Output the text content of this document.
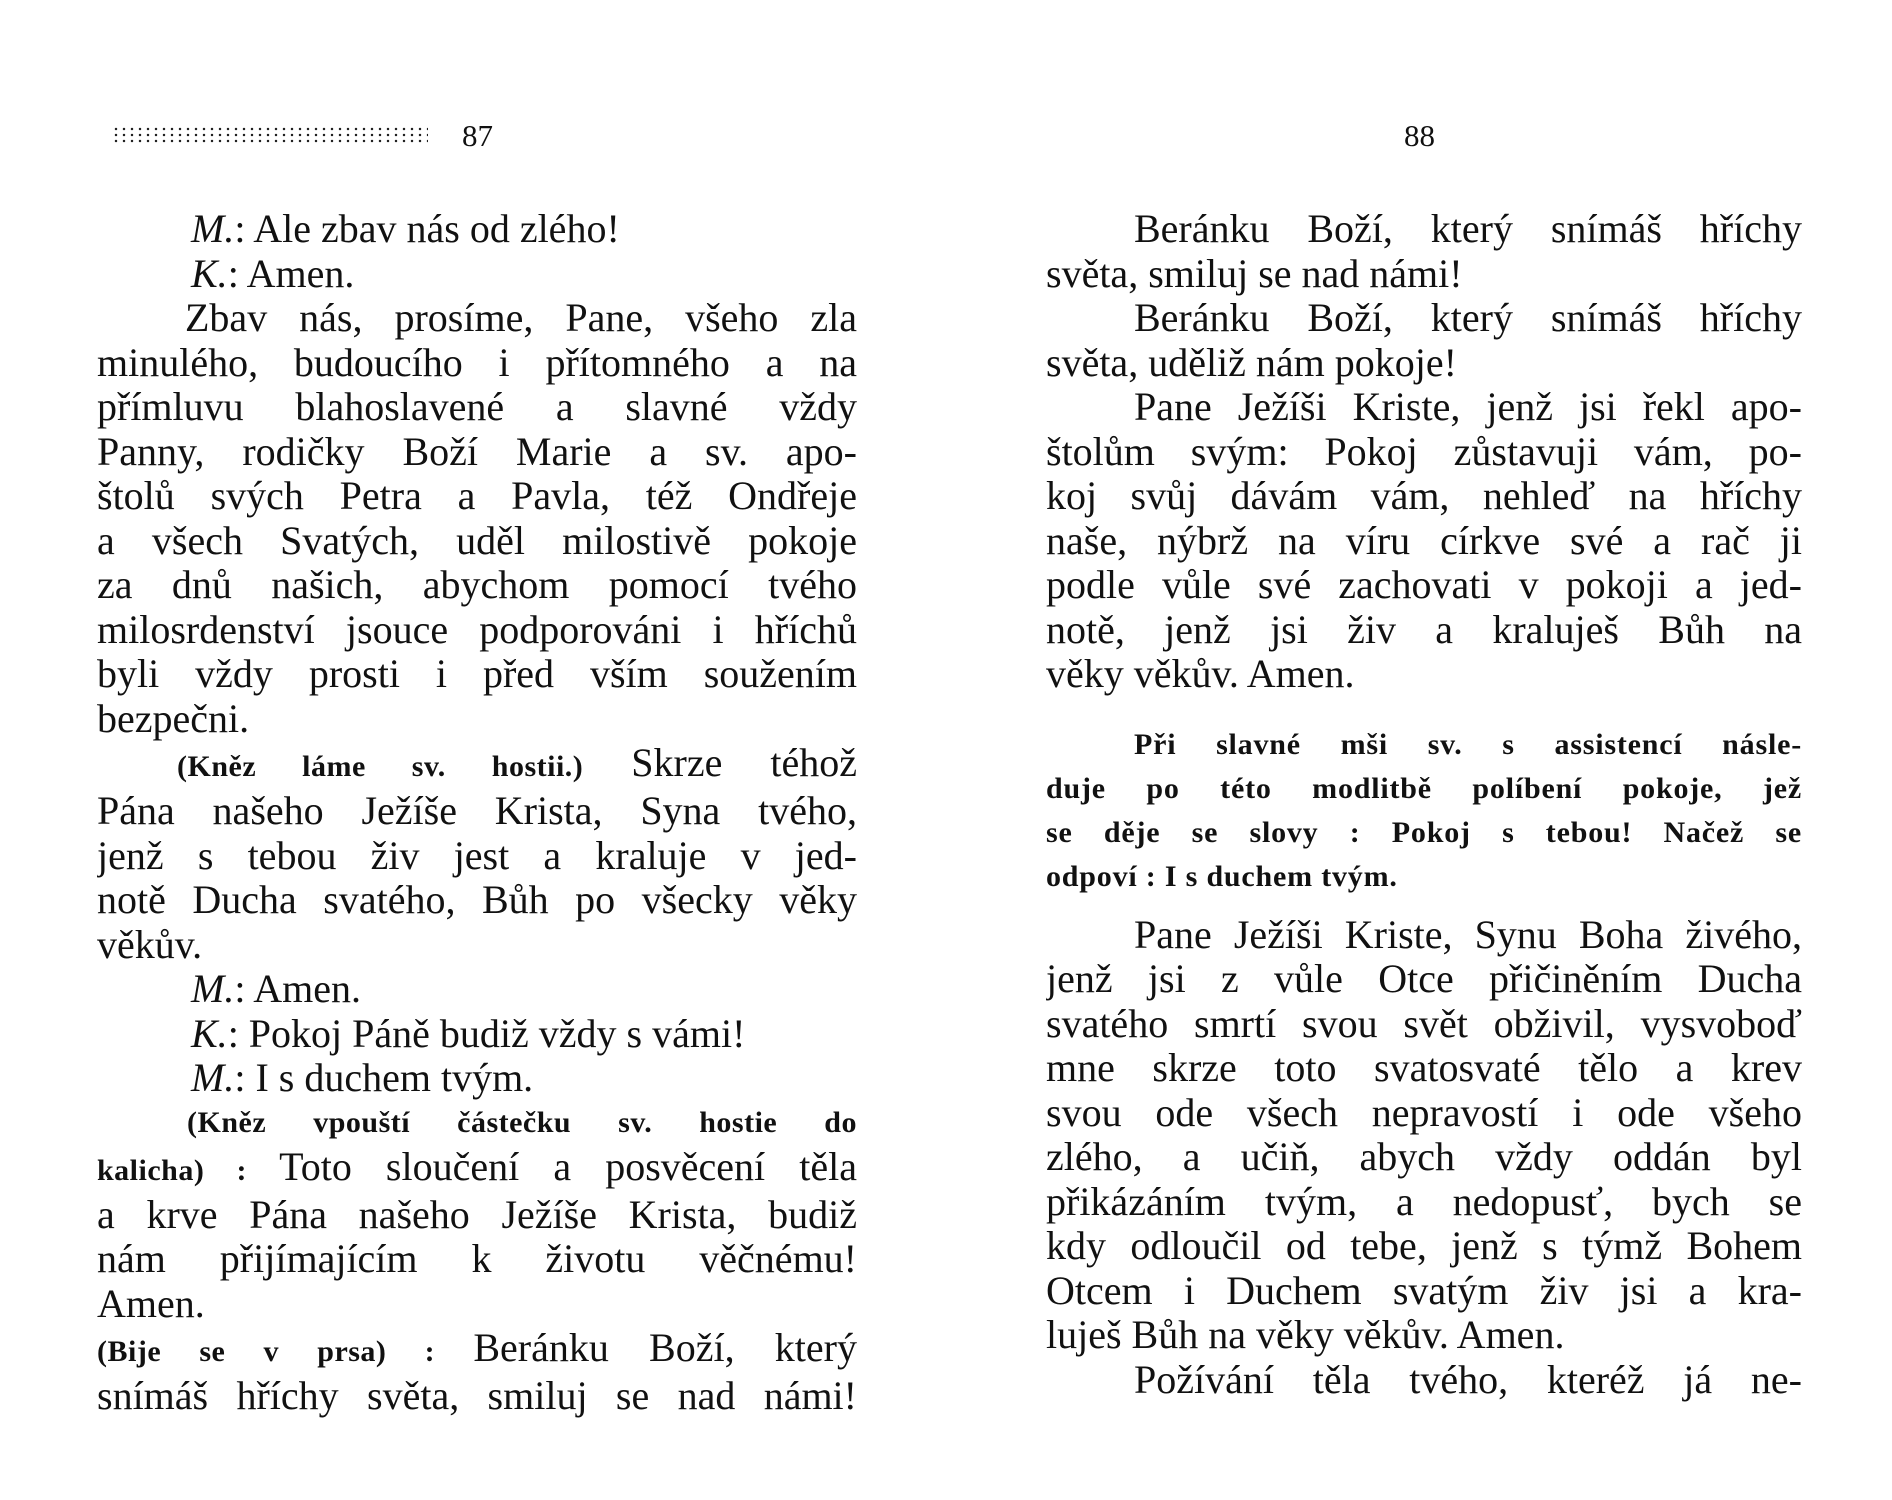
87
M.: Ale zbav nás od zlého!
K.: Amen.
Zbav nás, prosíme, Pane, všeho zla
minulého, budoucího i přítomného a na
přímluvu blahoslavené a slavné vždy
Panny, rodičky Boží Marie a sv. apo-
štolů svých Petra a Pavla, též Ondřeje
a všech Svatých, uděl milostivě pokoje
za dnů našich, abychom pomocí tvého
milosrdenství jsouce podporováni i hříchů
byli vždy prosti i před vším soužením
bezpečni.
(Kněz láme sv. hostii.) Skrze téhož
Pána našeho Ježíše Krista, Syna tvého,
jenž s tebou živ jest a kraluje v jed-
notě Ducha svatého, Bůh po všecky věky
věkův.
M.: Amen.
K.: Pokoj Páně budiž vždy s vámi!
M.: I s duchem tvým.
(Kněz vpouští částečku sv. hostie do
kalicha) : Toto sloučení a posvěcení těla
a krve Pána našeho Ježíše Krista, budiž
nám přijímajícím k životu věčnému!
Amen.
(Bije se v prsa) : Beránku Boží, který
snímáš hříchy světa, smiluj se nad námi!
88
Beránku Boží, který snímáš hříchy
světa, smiluj se nad námi!
Beránku Boží, který snímáš hříchy
světa, uděliž nám pokoje!
Pane Ježíši Kriste, jenž jsi řekl apo-
štolům svým: Pokoj zůstavuji vám, po-
koj svůj dávám vám, nehleď na hříchy
naše, nýbrž na víru církve své a rač ji
podle vůle své zachovati v pokoji a jed-
notě, jenž jsi živ a kraluješ Bůh na
věky věkův. Amen.
Při slavné mši sv. s assistencí násle-
duje po této modlitbě políbení pokoje, jež
se děje se slovy : Pokoj s tebou! Načež se
odpoví : I s duchem tvým.
Pane Ježíši Kriste, Synu Boha živého,
jenž jsi z vůle Otce přičiněním Ducha
svatého smrtí svou svět obživil, vysvoboď
mne skrze toto svatosvaté tělo a krev
svou ode všech nepravostí i ode všeho
zlého, a učiň, abych vždy oddán byl
přikázáním tvým, a nedopusť, bych se
kdy odloučil od tebe, jenž s týmž Bohem
Otcem i Duchem svatým živ jsi a kra-
luješ Bůh na věky věkův. Amen.
Požívání těla tvého, kteréž já ne-
